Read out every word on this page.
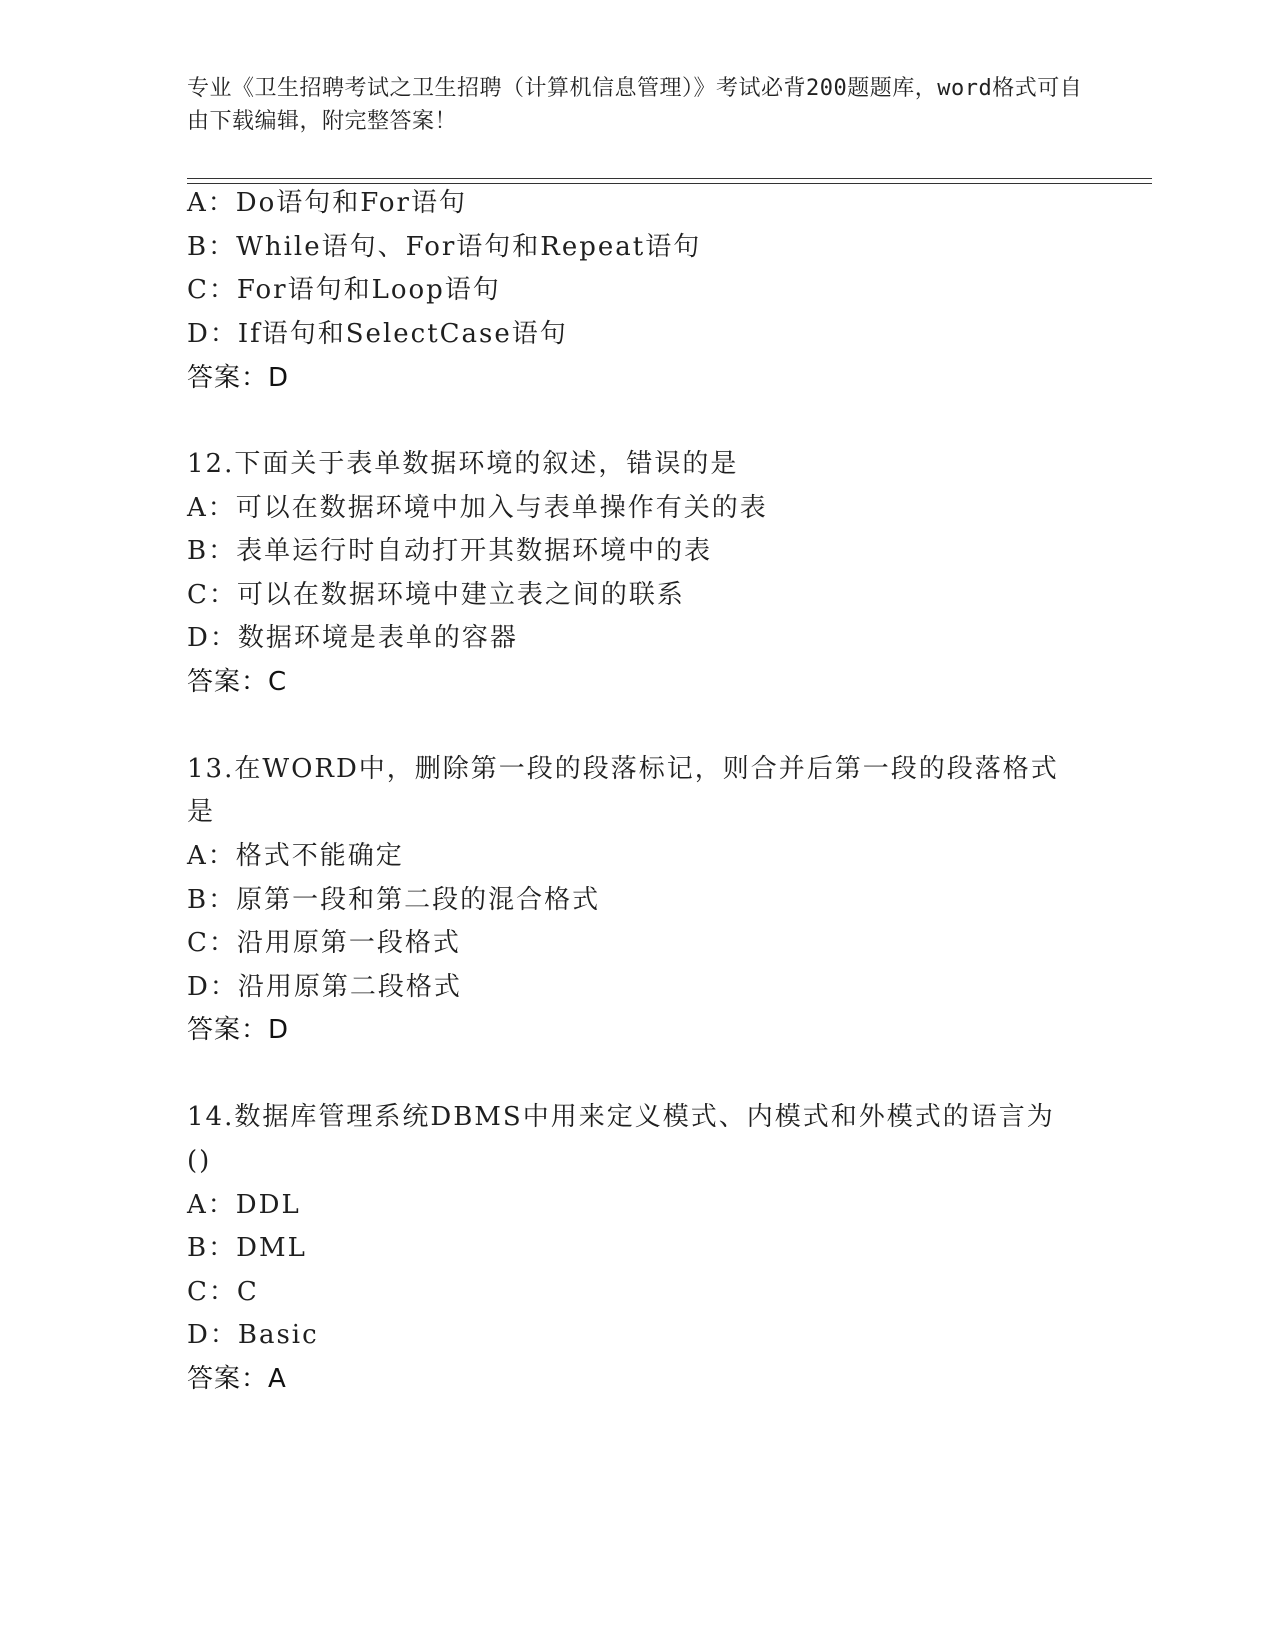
专业《卫生招聘考试之卫生招聘（计算机信息管理）》考试必背200题题库，word格式可自由下载编辑，附完整答案！
A：Do语句和For语句
B：While语句、For语句和Repeat语句
C：For语句和Loop语句
D：If语句和SelectCase语句
答案：D
12.下面关于表单数据环境的叙述，错误的是
A：可以在数据环境中加入与表单操作有关的表
B：表单运行时自动打开其数据环境中的表
C：可以在数据环境中建立表之间的联系
D：数据环境是表单的容器
答案：C
13.在WORD中，删除第一段的段落标记，则合并后第一段的段落格式
是
A：格式不能确定
B：原第一段和第二段的混合格式
C：沿用原第一段格式
D：沿用原第二段格式
答案：D
14.数据库管理系统DBMS中用来定义模式、内模式和外模式的语言为
()
A：DDL
B：DML
C：C
D：Basic
答案：A
